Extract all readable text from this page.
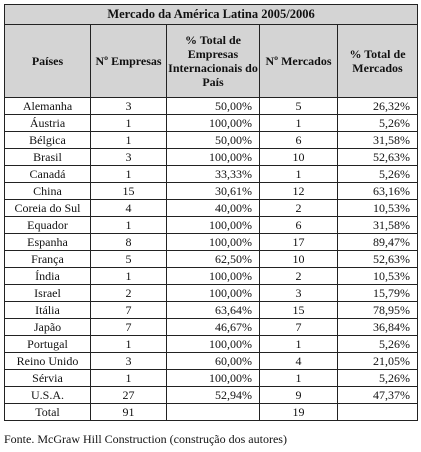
Mercado da América Latina 2005/2006				
Países	Nº Empresas	% Total de Empresas Internacionais do País	Nº Mercados	% Total de Mercados
Alemanha	3	50,00%	5	26,32%
Áustria	1	100,00%	1	5,26%
Bélgica	1	50,00%	6	31,58%
Brasil	3	100,00%	10	52,63%
Canadá	1	33,33%	1	5,26%
China	15	30,61%	12	63,16%
Coreia do Sul	4	40,00%	2	10,53%
Equador	1	100,00%	6	31,58%
Espanha	8	100,00%	17	89,47%
França	5	62,50%	10	52,63%
Índia	1	100,00%	2	10,53%
Israel	2	100,00%	3	15,79%
Itália	7	63,64%	15	78,95%
Japão	7	46,67%	7	36,84%
Portugal	1	100,00%	1	5,26%
Reino Unido	3	60,00%	4	21,05%
Sérvia	1	100,00%	1	5,26%
U.S.A.	27	52,94%	9	47,37%
Total	91		19	
Fonte. McGraw Hill Construction (construção dos autores)
